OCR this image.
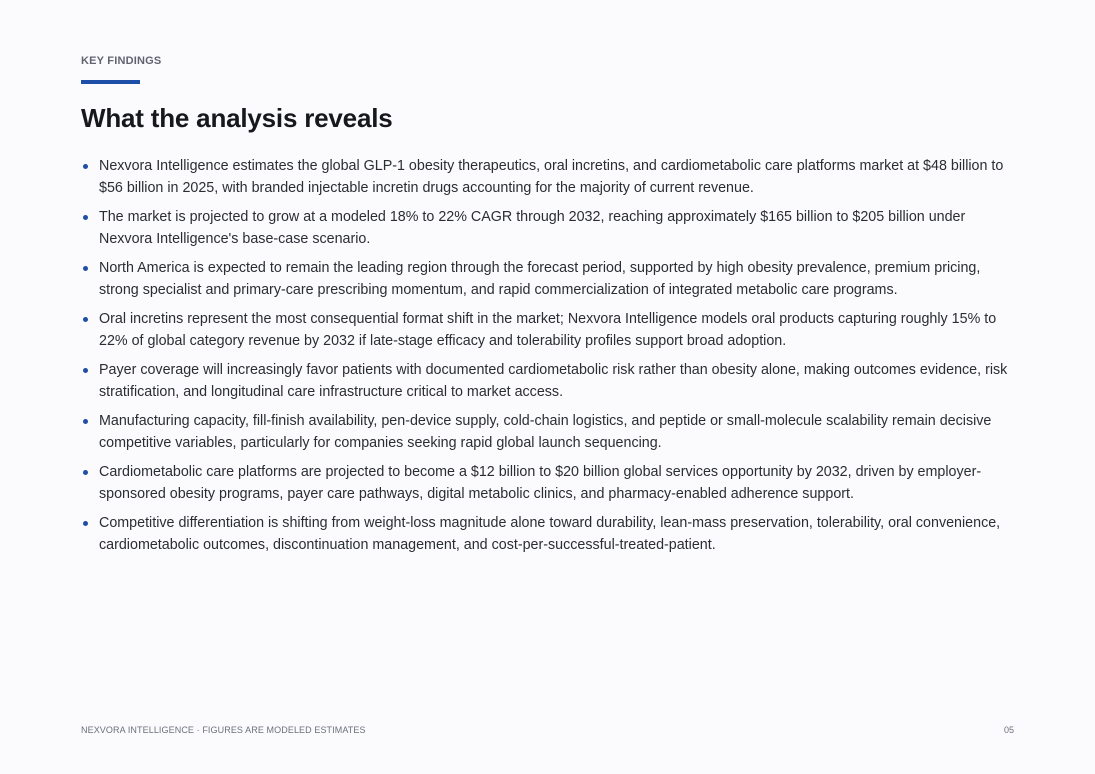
KEY FINDINGS
What the analysis reveals
Nexvora Intelligence estimates the global GLP-1 obesity therapeutics, oral incretins, and cardiometabolic care platforms market at $48 billion to $56 billion in 2025, with branded injectable incretin drugs accounting for the majority of current revenue.
The market is projected to grow at a modeled 18% to 22% CAGR through 2032, reaching approximately $165 billion to $205 billion under Nexvora Intelligence's base-case scenario.
North America is expected to remain the leading region through the forecast period, supported by high obesity prevalence, premium pricing, strong specialist and primary-care prescribing momentum, and rapid commercialization of integrated metabolic care programs.
Oral incretins represent the most consequential format shift in the market; Nexvora Intelligence models oral products capturing roughly 15% to 22% of global category revenue by 2032 if late-stage efficacy and tolerability profiles support broad adoption.
Payer coverage will increasingly favor patients with documented cardiometabolic risk rather than obesity alone, making outcomes evidence, risk stratification, and longitudinal care infrastructure critical to market access.
Manufacturing capacity, fill-finish availability, pen-device supply, cold-chain logistics, and peptide or small-molecule scalability remain decisive competitive variables, particularly for companies seeking rapid global launch sequencing.
Cardiometabolic care platforms are projected to become a $12 billion to $20 billion global services opportunity by 2032, driven by employer-sponsored obesity programs, payer care pathways, digital metabolic clinics, and pharmacy-enabled adherence support.
Competitive differentiation is shifting from weight-loss magnitude alone toward durability, lean-mass preservation, tolerability, oral convenience, cardiometabolic outcomes, discontinuation management, and cost-per-successful-treated-patient.
NEXVORA INTELLIGENCE · FIGURES ARE MODELED ESTIMATES	05
